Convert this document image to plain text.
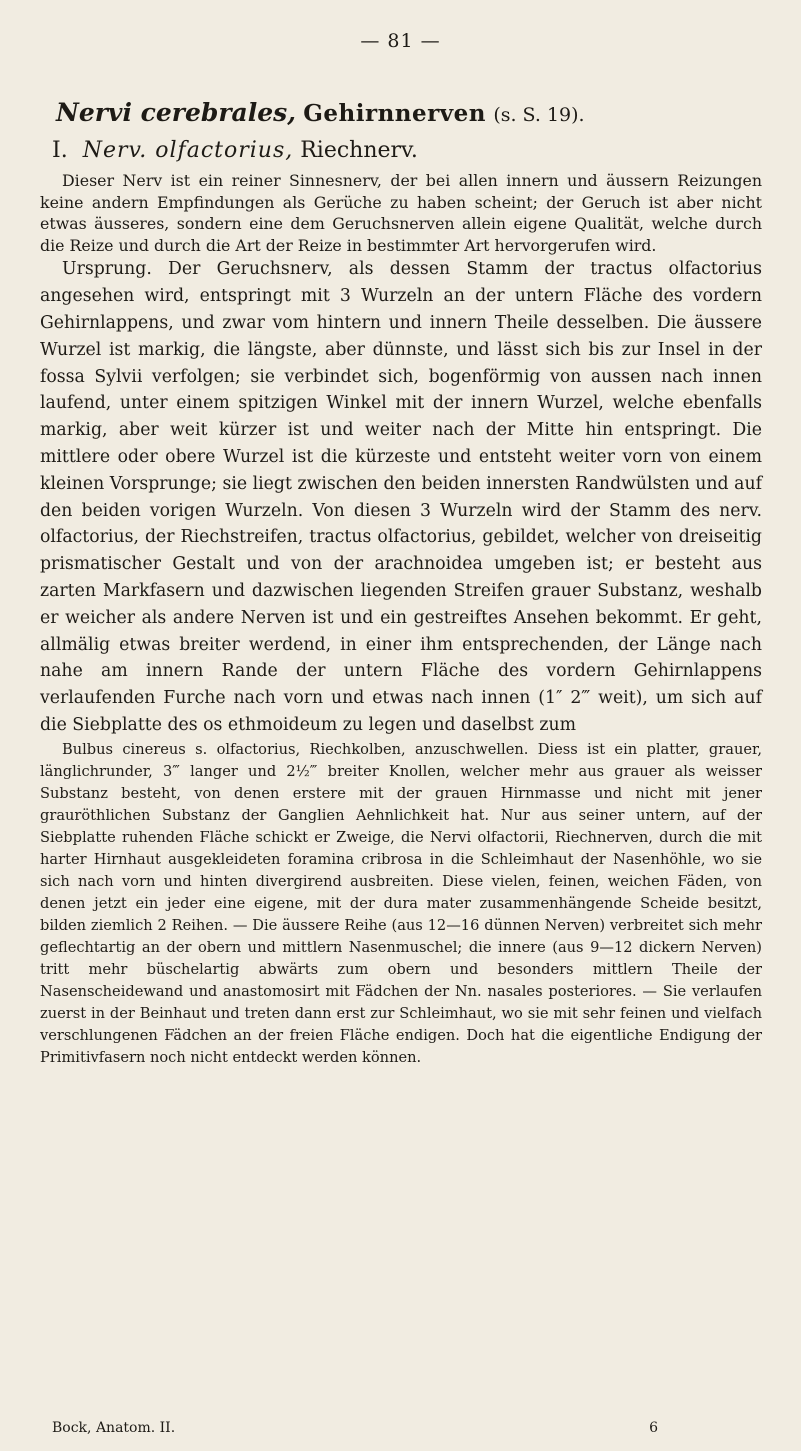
— 81 —
Nervi cerebrales, Gehirnnerven (s. S. 19).
I. Nerv. olfactorius, Riechnerv.

Dieser Nerv ist ein reiner Sinnesnerv, der bei allen innern und äussern Reizungen keine andern Empfindungen als Gerüche zu haben scheint; der Geruch ist aber nicht etwas äusseres, sondern eine dem Geruchsnerven allein eigene Qualität, welche durch die Reize und durch die Art der Reize in bestimmter Art hervorgerufen wird.

Ursprung. Der Geruchsnerv, als dessen Stamm der tractus olfactorius angesehen wird, entspringt mit 3 Wurzeln an der untern Fläche des vordern Gehirnlappens, und zwar vom hintern und innern Theile desselben. Die äussere Wurzel ist markig, die längste, aber dünnste, und lässt sich bis zur Insel in der fossa Sylvii verfolgen; sie verbindet sich, bogenförmig von aussen nach innen laufend, unter einem spitzigen Winkel mit der innern Wurzel, welche ebenfalls markig, aber weit kürzer ist und weiter nach der Mitte hin entspringt. Die mittlere oder obere Wurzel ist die kürzeste und entsteht weiter vorn von einem kleinen Vorsprunge; sie liegt zwischen den beiden innersten Randwülsten und auf den beiden vorigen Wurzeln. Von diesen 3 Wurzeln wird der Stamm des nerv. olfactorius, der Riechstreifen, tractus olfactorius, gebildet, welcher von dreiseitig prismatischer Gestalt und von der arachnoidea umgeben ist; er besteht aus zarten Markfasern und dazwischen liegenden Streifen grauer Substanz, weshalb er weicher als andere Nerven ist und ein gestreiftes Ansehen bekommt. Er geht, allmälig etwas breiter werdend, in einer ihm entsprechenden, der Länge nach nahe am innern Rande der untern Fläche des vordern Gehirnlappens verlaufenden Furche nach vorn und etwas nach innen (1″ 2‴ weit), um sich auf die Siebplatte des os ethmoideum zu legen und daselbst zum

Bulbus cinereus s. olfactorius, Riechkolben, anzuschwellen. Diess ist ein platter, grauer, länglichrunder, 3‴ langer und 2½‴ breiter Knollen, welcher mehr aus grauer als weisser Substanz besteht, von denen erstere mit der grauen Hirnmasse und nicht mit jener grauröthlichen Substanz der Ganglien Aehnlichkeit hat. Nur aus seiner untern, auf der Siebplatte ruhenden Fläche schickt er Zweige, die Nervi olfactorii, Riechnerven, durch die mit harter Hirnhaut ausgekleideten foramina cribrosa in die Schleimhaut der Nasenhöhle, wo sie sich nach vorn und hinten divergirend ausbreiten. Diese vielen, feinen, weichen Fäden, von denen jetzt ein jeder eine eigene, mit der dura mater zusammenhängende Scheide besitzt, bilden ziemlich 2 Reihen. — Die äussere Reihe (aus 12—16 dünnen Nerven) verbreitet sich mehr geflechtartig an der obern und mittlern Nasenmuschel; die innere (aus 9—12 dickern Nerven) tritt mehr büschelartig abwärts zum obern und besonders mittlern Theile der Nasenscheidewand und anastomosirt mit Fädchen der Nn. nasales posteriores. — Sie verlaufen zuerst in der Beinhaut und treten dann erst zur Schleimhaut, wo sie mit sehr feinen und vielfach verschlungenen Fädchen an der freien Fläche endigen. Doch hat die eigentliche Endigung der Primitivfasern noch nicht entdeckt werden können.

Bock, Anatom. II.	6
